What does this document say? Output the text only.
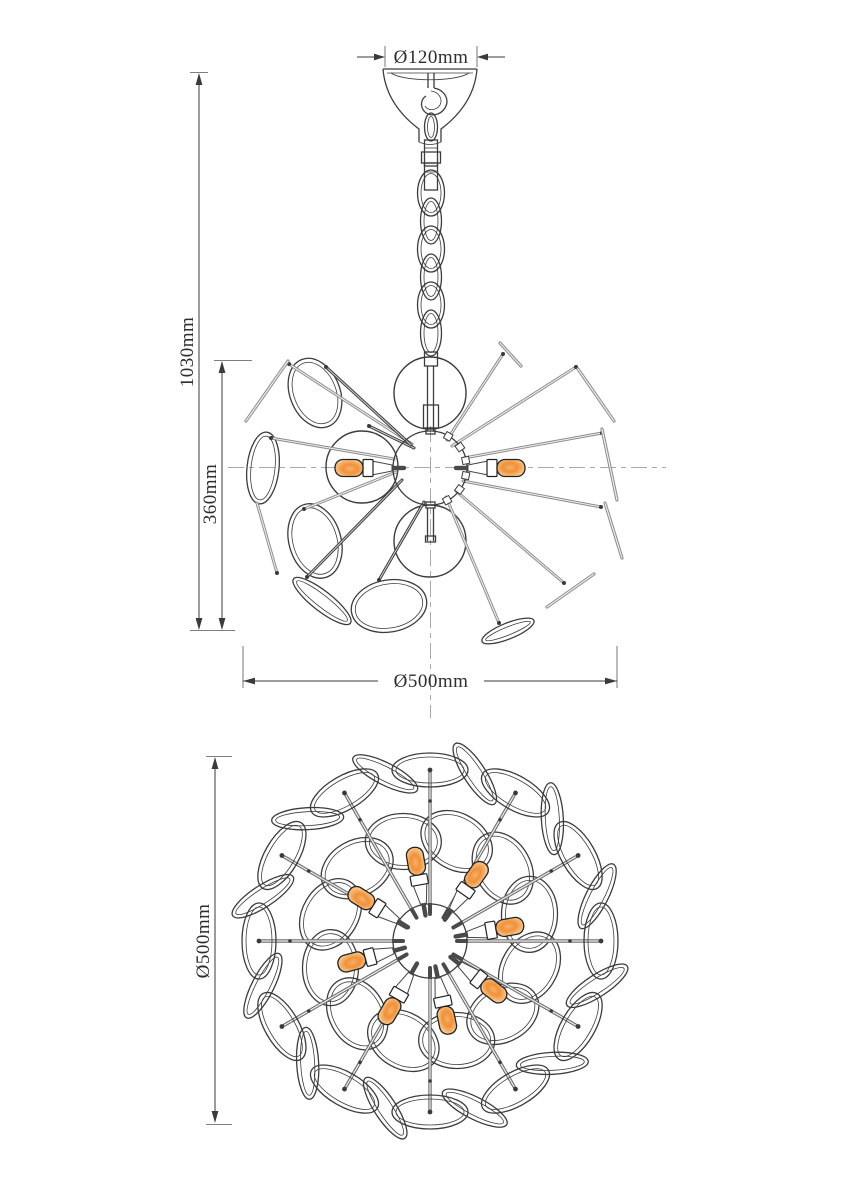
Ø120mm
1030mm
360mm
Ø500mm
Ø500mm
